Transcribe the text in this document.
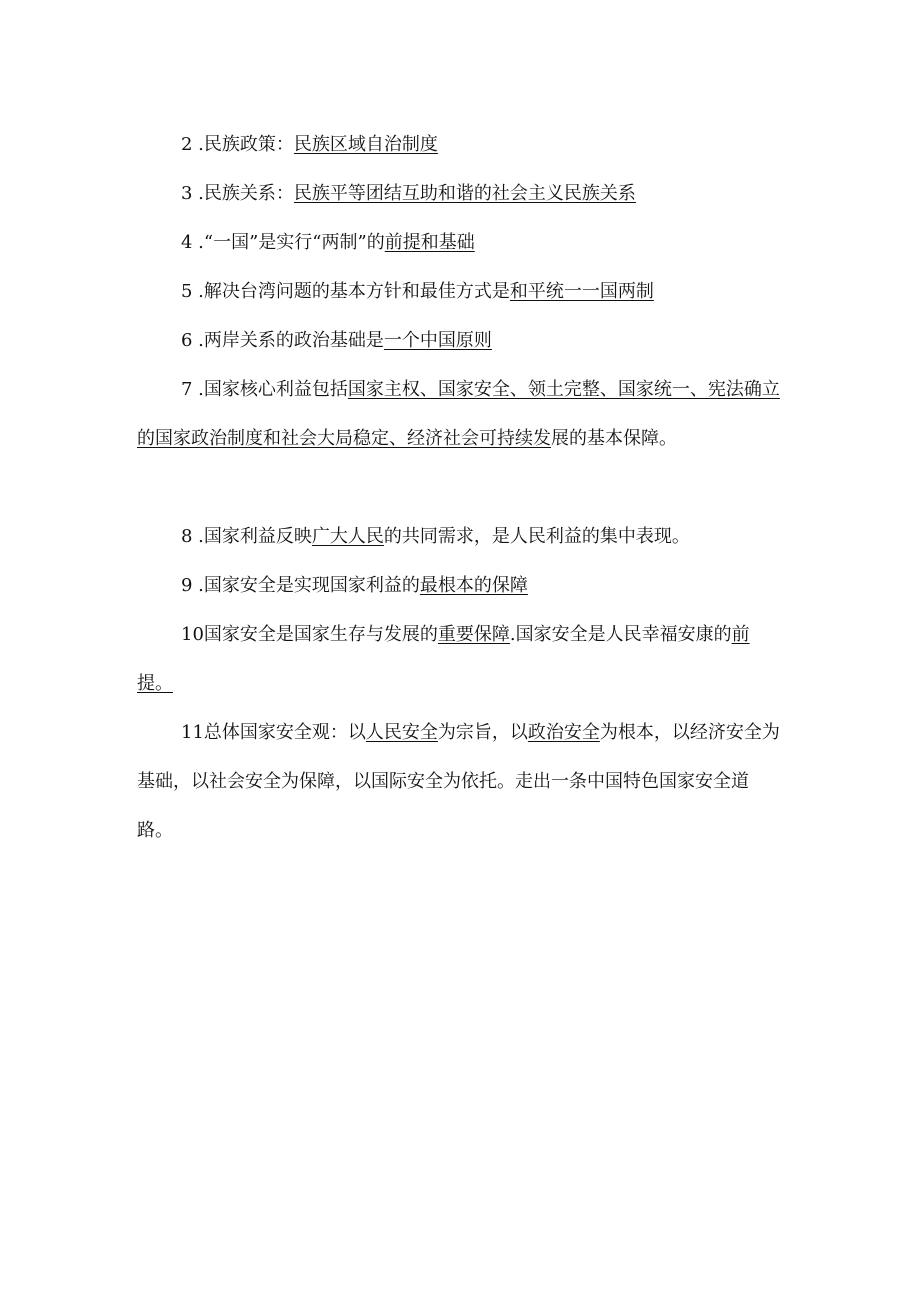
2 .民族政策：民族区域自治制度

3 .民族关系：民族平等团结互助和谐的社会主义民族关系

4 .“一国”是实行“两制”的前提和基础

5 .解决台湾问题的基本方针和最佳方式是和平统一一国两制

6 .两岸关系的政治基础是一个中国原则

7 .国家核心利益包括国家主权、国家安全、领土完整、国家统一、宪法确立的国家政治制度和社会大局稳定、经济社会可持续发展的基本保障。

8 .国家利益反映广大人民的共同需求，是人民利益的集中表现。

9 .国家安全是实现国家利益的最根本的保障

10国家安全是国家生存与发展的重要保障.国家安全是人民幸福安康的前提。

11总体国家安全观：以人民安全为宗旨，以政治安全为根本，以经济安全为基础，以社会安全为保障，以国际安全为依托。走出一条中国特色国家安全道路。
